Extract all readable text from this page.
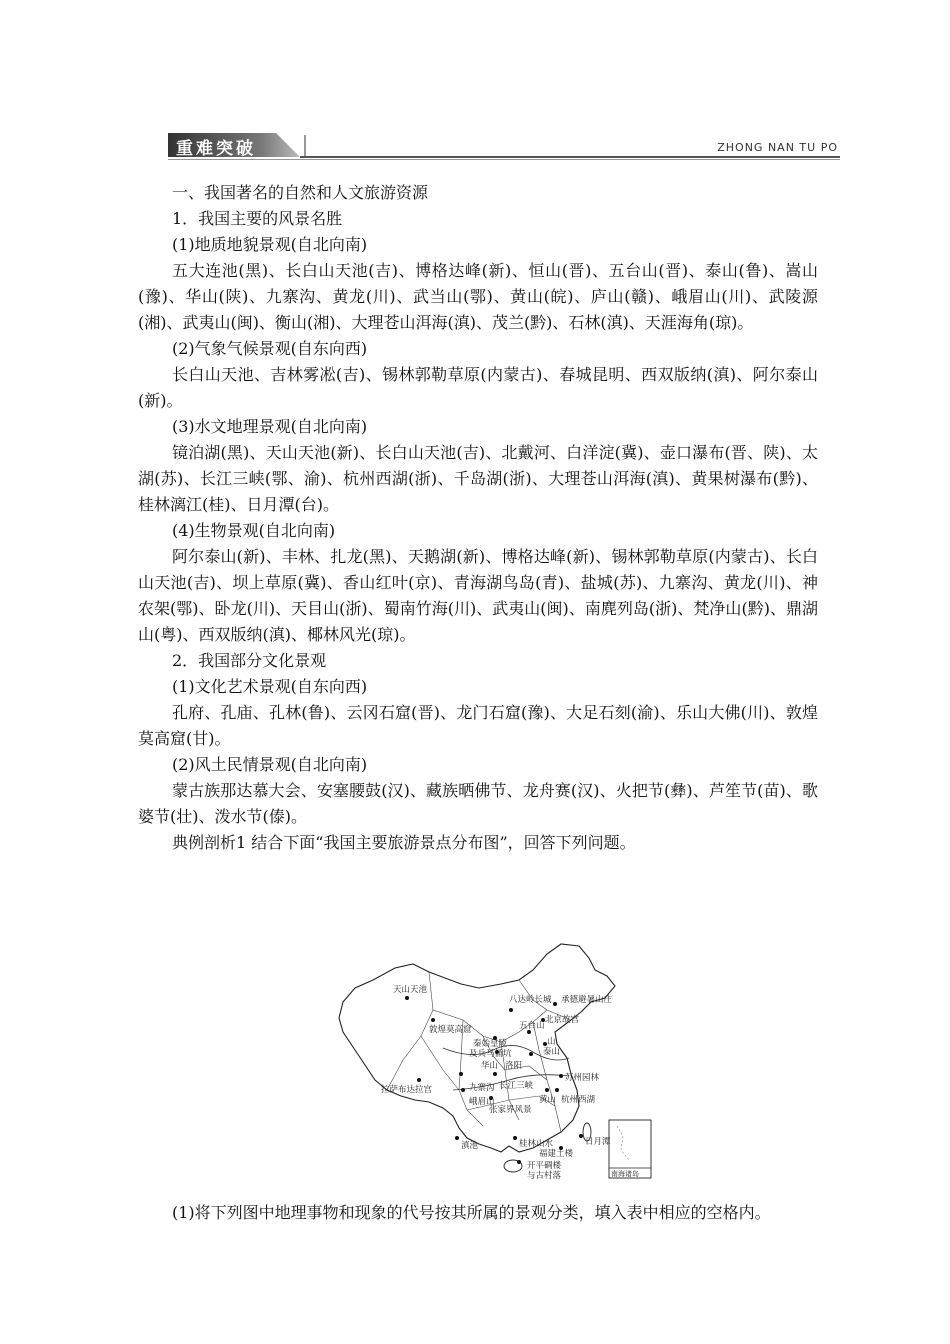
重难突破	ZHONG NAN TU PO

一、我国著名的自然和人文旅游资源

1．我国主要的风景名胜

(1)地质地貌景观(自北向南)

五大连池(黑)、长白山天池(吉)、博格达峰(新)、恒山(晋)、五台山(晋)、泰山(鲁)、嵩山(豫)、华山(陕)、九寨沟、黄龙(川)、武当山(鄂)、黄山(皖)、庐山(赣)、峨眉山(川)、武陵源(湘)、武夷山(闽)、衡山(湘)、大理苍山洱海(滇)、茂兰(黔)、石林(滇)、天涯海角(琼)。

(2)气象气候景观(自东向西)

长白山天池、吉林雾凇(吉)、锡林郭勒草原(内蒙古)、春城昆明、西双版纳(滇)、阿尔泰山(新)。

(3)水文地理景观(自北向南)

镜泊湖(黑)、天山天池(新)、长白山天池(吉)、北戴河、白洋淀(冀)、壶口瀑布(晋、陕)、太湖(苏)、长江三峡(鄂、渝)、杭州西湖(浙)、千岛湖(浙)、大理苍山洱海(滇)、黄果树瀑布(黔)、桂林漓江(桂)、日月潭(台)。

(4)生物景观(自北向南)

阿尔泰山(新)、丰林、扎龙(黑)、天鹅湖(新)、博格达峰(新)、锡林郭勒草原(内蒙古)、长白山天池(吉)、坝上草原(冀)、香山红叶(京)、青海湖鸟岛(青)、盐城(苏)、九寨沟、黄龙(川)、神农架(鄂)、卧龙(川)、天目山(浙)、蜀南竹海(川)、武夷山(闽)、南麂列岛(浙)、梵净山(黔)、鼎湖山(粤)、西双版纳(滇)、椰林风光(琼)。

2．我国部分文化景观

(1)文化艺术景观(自东向西)

孔府、孔庙、孔林(鲁)、云冈石窟(晋)、龙门石窟(豫)、大足石刻(渝)、乐山大佛(川)、敦煌莫高窟(甘)。

(2)风土民情景观(自北向南)

蒙古族那达慕大会、安塞腰鼓(汉)、藏族晒佛节、龙舟赛(汉)、火把节(彝)、芦笙节(苗)、歌婆节(壮)、泼水节(傣)。

典例剖析1 结合下面“我国主要旅游景点分布图”，回答下列问题。

南海诸岛
天山天池
敦煌莫高窟
八达岭长城 承德避暑山庄
北京故宫
五台山
秦始皇陵
及兵马俑坑
山
泰山
华山 洛阳
拉萨布达拉宫	九寨沟 长江三峡
苏州园林
峨眉山	黄山 杭州西湖
张家界风景
滇池	桂林山水	日月潭
福建土楼
开平碉楼
与古村落

(1)将下列图中地理事物和现象的代号按其所属的景观分类，填入表中相应的空格内。
